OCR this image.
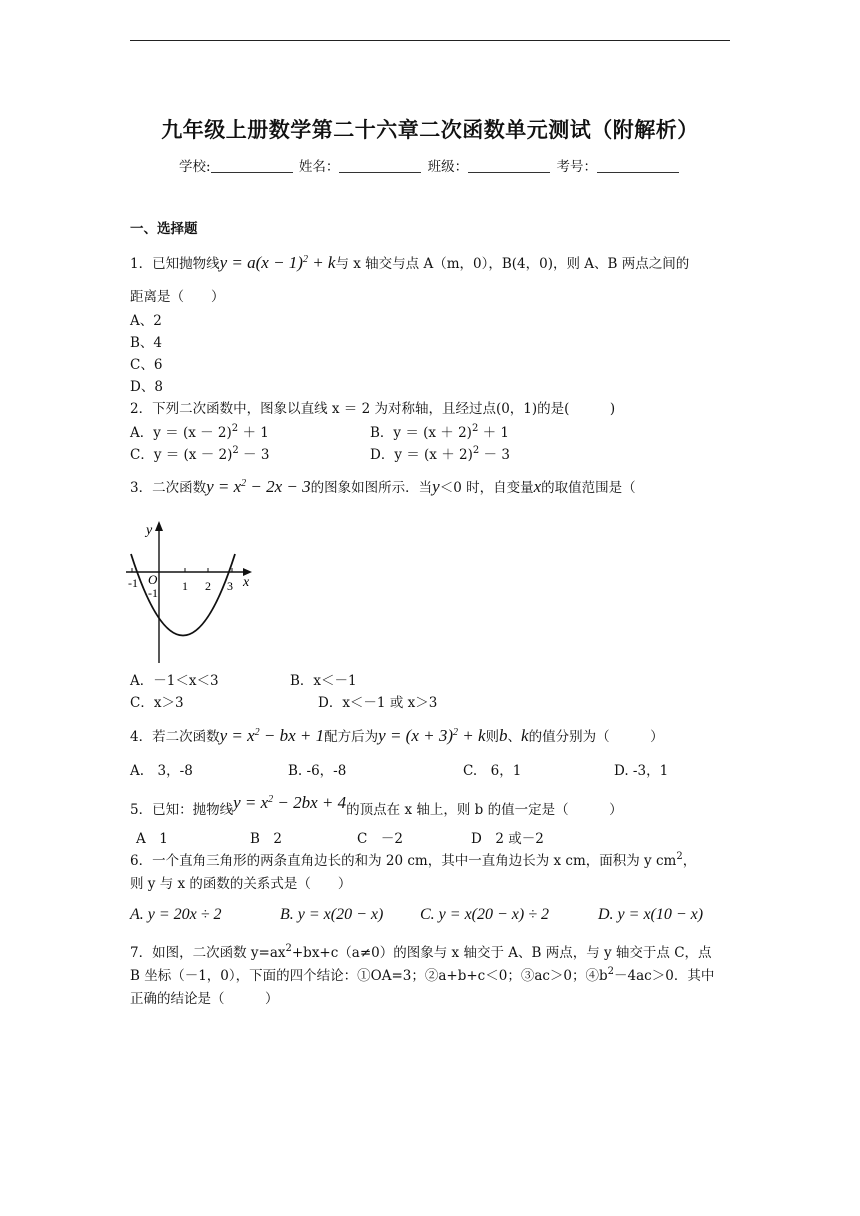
九年级上册数学第二十六章二次函数单元测试（附解析）
学校:	姓名：	班级：	考号：
一、选择题
1．已知抛物线$y = a(x - 1)^2 + k$与 x 轴交与点 A（m，0），B(4，0)，则 A、B 两点之间的
距离是（　　）
A、2
B、4
C、6
D、8
2．下列二次函数中，图象以直线 x ＝ 2 为对称轴，且经过点(0，1)的是(　　　)
A．$y = (x - 2)^2 + 1$	B．$y = (x + 2)^2 + 1$
C．$y = (x - 2)^2 - 3$	D．$y = (x + 2)^2 - 3$
3．二次函数$y = x^2 - 2x - 3$的图象如图所示．当y＜0 时，自变量x的取值范围是（
y
x
O
-1
-1 1 2 3
A．－1＜x＜3	B．x＜－1
C．x＞3	D．x＜－1 或 x＞3
4．若二次函数$y = x^2$ − bx + 1配方后为$y = (x + 3)^2 + k$则b、k的值分别为（　　　）
A.　3，-8	B. -6，-8	C.　6，1	D. -3，1
5．已知：抛物线$y = x^2 - 2bx + 4$的顶点在 x 轴上，则 b 的值一定是（　　　）
A　1	B　2	C　－2	D　2 或－2
6．一个直角三角形的两条直角边长的和为 20 cm，其中一直角边长为 x cm，面积为 y $cm^2$，
则 y 与 x 的函数的关系式是（　　）
A. y = 20x ÷ 2	B. y = x(20 − x) C. y = x(20 − x) ÷ 2	D. y = x(10 − x)
7．如图，二次函数 $y=ax^2+bx+c(a\ne 0)$的图象与 x 轴交于 A、B 两点，与 y 轴交于点 C，点
B 坐标（－1，0），下面的四个结论：①OA=3；②a+b+c＜0；③ac＞0；$④b^2-4ac>0$．其中
正确的结论是（　　　）
